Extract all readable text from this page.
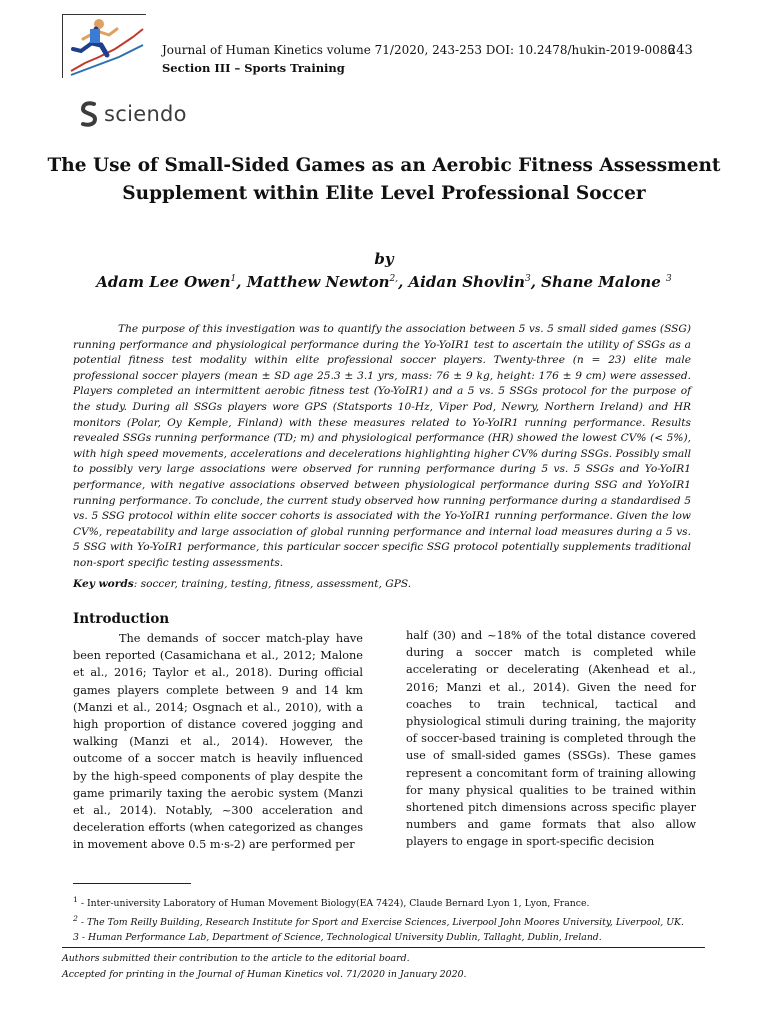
Journal of Human Kinetics volume 71/2020, 243-253 DOI: 10.2478/hukin-2019-0086
243
Section III – Sports Training
sciendo
The Use of Small-Sided Games as an Aerobic Fitness Assessment
Supplement within Elite Level Professional Soccer
by
Adam Lee Owen$^1$, Matthew Newton$^{2,}$, Aidan Shovlin$^3$, Shane Malone $^3$
The purpose of this investigation was to quantify the association between 5 vs. 5 small sided games (SSG) running performance and physiological performance during the Yo-YoIR1 test to ascertain the utility of SSGs as a potential fitness test modality within elite professional soccer players. Twenty-three (n = 23) elite male professional soccer players (mean ± SD age 25.3 ± 3.1 yrs, mass: 76 ± 9 kg, height: 176 ± 9 cm) were assessed. Players completed an intermittent aerobic fitness test (Yo-YoIR1) and a 5 vs. 5 SSGs protocol for the purpose of the study. During all SSGs players wore GPS (Statsports 10-Hz, Viper Pod, Newry, Northern Ireland) and HR monitors (Polar, Oy Kemple, Finland) with these measures related to Yo-YoIR1 running performance. Results revealed SSGs running performance (TD; m) and physiological performance (HR) showed the lowest CV% (< 5%), with high speed movements, accelerations and decelerations highlighting higher CV% during SSGs. Possibly small to possibly very large associations were observed for running performance during 5 vs. 5 SSGs and Yo-YoIR1 performance, with negative associations observed between physiological performance during SSG and YoYoIR1 running performance. To conclude, the current study observed how running performance during a standardised 5 vs. 5 SSG protocol within elite soccer cohorts is associated with the Yo-YoIR1 running performance. Given the low CV%, repeatability and large association of global running performance and internal load measures during a 5 vs. 5 SSG with Yo-YoIR1 performance, this particular soccer specific SSG protocol potentially supplements traditional non-sport specific testing assessments.
Key words: soccer, training, testing, fitness, assessment, GPS.
Introduction
The demands of soccer match-play have been reported (Casamichana et al., 2012; Malone et al., 2016; Taylor et al., 2018). During official games players complete between 9 and 14 km (Manzi et al., 2014; Osgnach et al., 2010), with a high proportion of distance covered jogging and walking (Manzi et al., 2014). However, the outcome of a soccer match is heavily influenced by the high-speed components of play despite the game primarily taxing the aerobic system (Manzi et al., 2014). Notably, ~300 acceleration and deceleration efforts (when categorized as changes in movement above 0.5 m·s-2) are performed per
half (30) and ~18% of the total distance covered during a soccer match is completed while accelerating or decelerating (Akenhead et al., 2016; Manzi et al., 2014). Given the need for coaches to train technical, tactical and physiological stimuli during training, the majority of soccer-based training is completed through the use of small-sided games (SSGs). These games represent a concomitant form of training allowing for many physical qualities to be trained within shortened pitch dimensions across specific player numbers and game formats that also allow players to engage in sport-specific decision
$^1$ - Inter-university Laboratory of Human Movement Biology(EA 7424), Claude Bernard Lyon 1, Lyon, France.
$^2$ - The Tom Reilly Building, Research Institute for Sport and Exercise Sciences, Liverpool John Moores University, Liverpool, UK.
3 - Human Performance Lab, Department of Science, Technological University Dublin, Tallaght, Dublin, Ireland.
Authors submitted their contribution to the article to the editorial board.
Accepted for printing in the Journal of Human Kinetics vol. 71/2020 in January 2020.
